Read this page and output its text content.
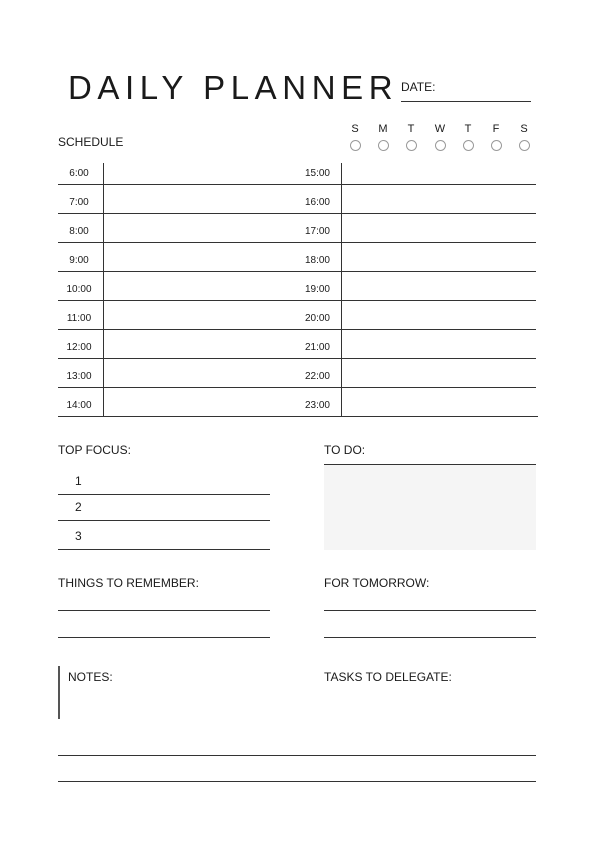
DAILY PLANNER DATE:
SCHEDULE
S	M	T	W	T	F	S
6:00
7:00
8:00
9:00
10:00
11:00
12:00
13:00
14:00
15:00
16:00
17:00
18:00
19:00
20:00
21:00
22:00
23:00
TOP FOCUS:
1
2
3
TO DO:
THINGS TO REMEMBER:	FOR TOMORROW:
NOTES:	TASKS TO DELEGATE:
